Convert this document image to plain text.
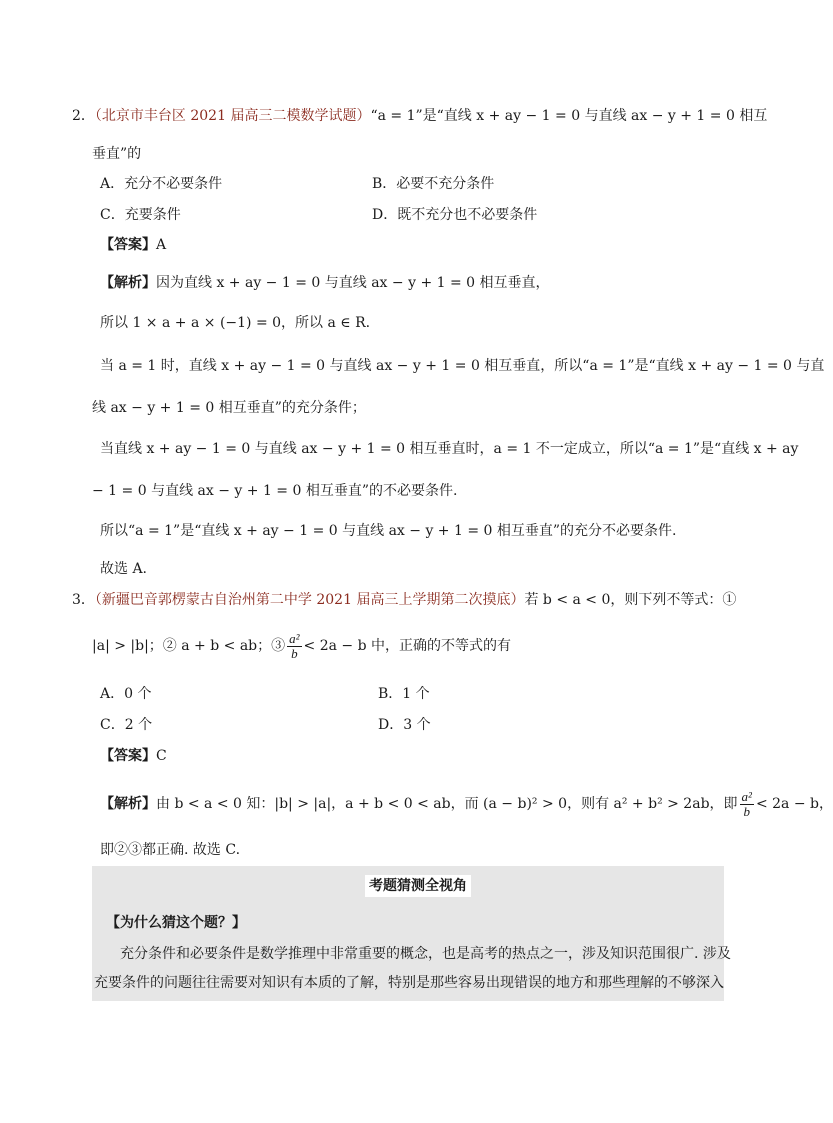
2．（北京市丰台区 2021 届高三二模数学试题）“a = 1”是“直线 x + ay − 1 = 0 与直线 ax − y + 1 = 0 相互
垂直”的
A．充分不必要条件	B．必要不充分条件
C．充要条件	D．既不充分也不必要条件
【答案】A
【解析】因为直线 x + ay − 1 = 0 与直线 ax − y + 1 = 0 相互垂直，
所以 1 × a + a × (−1) = 0，所以 a ∈ R.
当 a = 1 时，直线 x + ay − 1 = 0 与直线 ax − y + 1 = 0 相互垂直，所以“a = 1”是“直线 x + ay − 1 = 0 与直
线 ax − y + 1 = 0 相互垂直”的充分条件；
当直线 x + ay − 1 = 0 与直线 ax − y + 1 = 0 相互垂直时，a = 1 不一定成立，所以“a = 1”是“直线 x + ay
− 1 = 0 与直线 ax − y + 1 = 0 相互垂直”的不必要条件.
所以“a = 1”是“直线 x + ay − 1 = 0 与直线 ax − y + 1 = 0 相互垂直”的充分不必要条件.
故选 A.
3．（新疆巴音郭楞蒙古自治州第二中学 2021 届高三上学期第二次摸底）若 b < a < 0，则下列不等式：①
|a| > |b|；② a + b < ab；③ $\frac{\text{a²}}{b} < 2a - b$ 中，正确的不等式的有
A．0 个	B．1 个
C．2 个	D．3 个
【答案】C
【解析】由 b < a < 0 知：|b| > |a|，a + b < 0 < ab，而 (a − b)² > 0，则有 a² + b² > 2ab，即 $\frac{\text{a²}}{b} < 2a - b$，
即②③都正确. 故选 C.
考题猜测全视角
【为什么猜这个题？】
充分条件和必要条件是数学推理中非常重要的概念，也是高考的热点之一，涉及知识范围很广. 涉及
充要条件的问题往往需要对知识有本质的了解，特别是那些容易出现错误的地方和那些理解的不够深入
